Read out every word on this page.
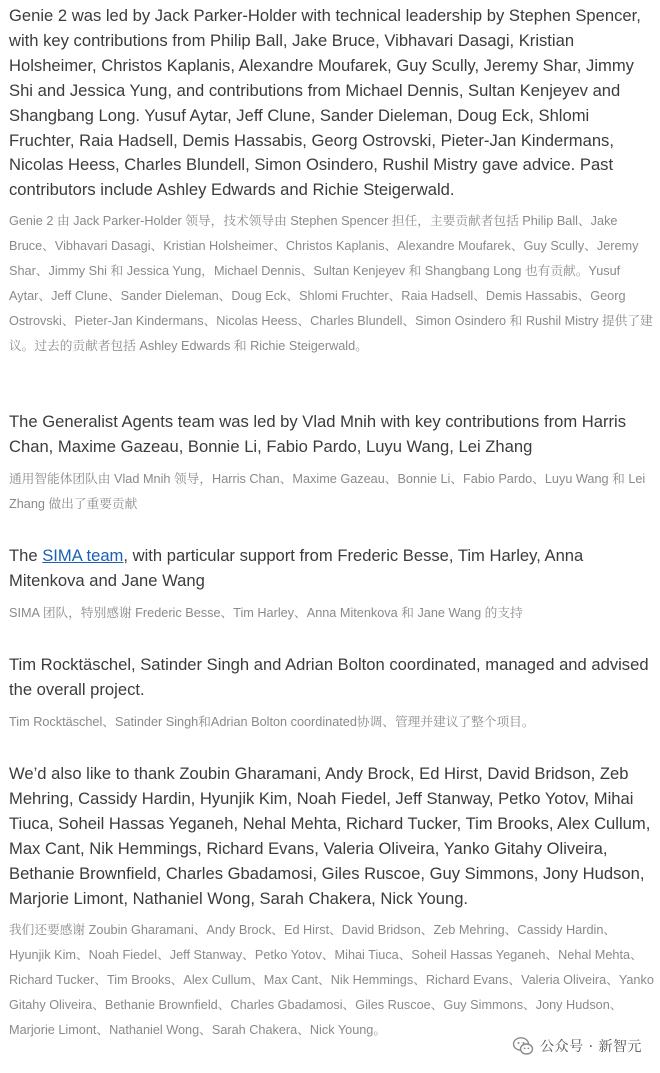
Genie 2 was led by Jack Parker-Holder with technical leadership by Stephen Spencer, with key contributions from Philip Ball, Jake Bruce, Vibhavari Dasagi, Kristian Holsheimer, Christos Kaplanis, Alexandre Moufarek, Guy Scully, Jeremy Shar, Jimmy Shi and Jessica Yung, and contributions from Michael Dennis, Sultan Kenjeyev and Shangbang Long. Yusuf Aytar, Jeff Clune, Sander Dieleman, Doug Eck, Shlomi Fruchter, Raia Hadsell, Demis Hassabis, Georg Ostrovski, Pieter-Jan Kindermans, Nicolas Heess, Charles Blundell, Simon Osindero, Rushil Mistry gave advice. Past contributors include Ashley Edwards and Richie Steigerwald.

Genie 2 由 Jack Parker-Holder 领导，技术领导由 Stephen Spencer 担任，主要贡献者包括 Philip Ball、Jake Bruce、Vibhavari Dasagi、Kristian Holsheimer、Christos Kaplanis、Alexandre Moufarek、Guy Scully、Jeremy Shar、Jimmy Shi 和 Jessica Yung，Michael Dennis、Sultan Kenjeyev 和 Shangbang Long 也有贡献。Yusuf Aytar、Jeff Clune、Sander Dieleman、Doug Eck、Shlomi Fruchter、Raia Hadsell、Demis Hassabis、Georg Ostrovski、Pieter-Jan Kindermans、Nicolas Heess、Charles Blundell、Simon Osindero 和 Rushil Mistry 提供了建议。过去的贡献者包括 Ashley Edwards 和 Richie Steigerwald。

The Generalist Agents team was led by Vlad Mnih with key contributions from Harris Chan, Maxime Gazeau, Bonnie Li, Fabio Pardo, Luyu Wang, Lei Zhang

通用智能体团队由 Vlad Mnih 领导，Harris Chan、Maxime Gazeau、Bonnie Li、Fabio Pardo、Luyu Wang 和 Lei Zhang 做出了重要贡献

The SIMA team, with particular support from Frederic Besse, Tim Harley, Anna Mitenkova and Jane Wang

SIMA 团队，特别感谢 Frederic Besse、Tim Harley、Anna Mitenkova 和 Jane Wang 的支持

Tim Rocktäschel, Satinder Singh and Adrian Bolton coordinated, managed and advised the overall project.

Tim Rocktäschel、Satinder Singh和Adrian Bolton coordinated协调、管理并建议了整个项目。

We’d also like to thank Zoubin Gharamani, Andy Brock, Ed Hirst, David Bridson, Zeb Mehring, Cassidy Hardin, Hyunjik Kim, Noah Fiedel, Jeff Stanway, Petko Yotov, Mihai Tiuca, Soheil Hassas Yeganeh, Nehal Mehta, Richard Tucker, Tim Brooks, Alex Cullum, Max Cant, Nik Hemmings, Richard Evans, Valeria Oliveira, Yanko Gitahy Oliveira, Bethanie Brownfield, Charles Gbadamosi, Giles Ruscoe, Guy Simmons, Jony Hudson, Marjorie Limont, Nathaniel Wong, Sarah Chakera, Nick Young.

我们还要感谢 Zoubin Gharamani、Andy Brock、Ed Hirst、David Bridson、Zeb Mehring、Cassidy Hardin、Hyunjik Kim、Noah Fiedel、Jeff Stanway、Petko Yotov、Mihai Tiuca、Soheil Hassas Yeganeh、Nehal Mehta、Richard Tucker、Tim Brooks、Alex Cullum、Max Cant、Nik Hemmings、Richard Evans、Valeria Oliveira、Yanko Gitahy Oliveira、Bethanie Brownfield、Charles Gbadamosi、Giles Ruscoe、Guy Simmons、Jony Hudson、Marjorie Limont、Nathaniel Wong、Sarah Chakera、Nick Young。

公众号 · 新智元
